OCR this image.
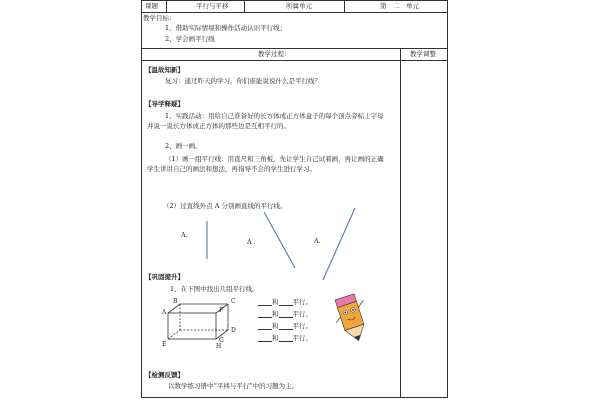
课题	平行与平移	所属单元	第　二　单元
教学目标：
1、借助实际情境和操作活动认识平行线；
2、学会画平行线
教学过程：	教学调整
【温故知新】
复习：通过昨天的学习，你们谁能说说什么是平行线？
【导学释疑】
1、实践活动：用给自己准备好的长方体或正方体盒子的每个顶点旁标上字母
并说一说长方体或正方体的那些边是互相平行的。
2、画一画。
（1）画一组平行线：用直尺和三角板，先让学生自己试着画，再让画的正确
学生讲讲自己的画法和想法，再指导不会的学生进行学习。
（2）过直线外点 A 分别画直线的平行线。
A.
A .	A.
【巩固提升】
1、在下图中找出几组平行线。
B	C
F
A
D
G
E	H
和 平行。
和 平行。
和 平行。
和 平行。
【检测反馈】
以数学练习册中“平移与平行”中的习题为主。
